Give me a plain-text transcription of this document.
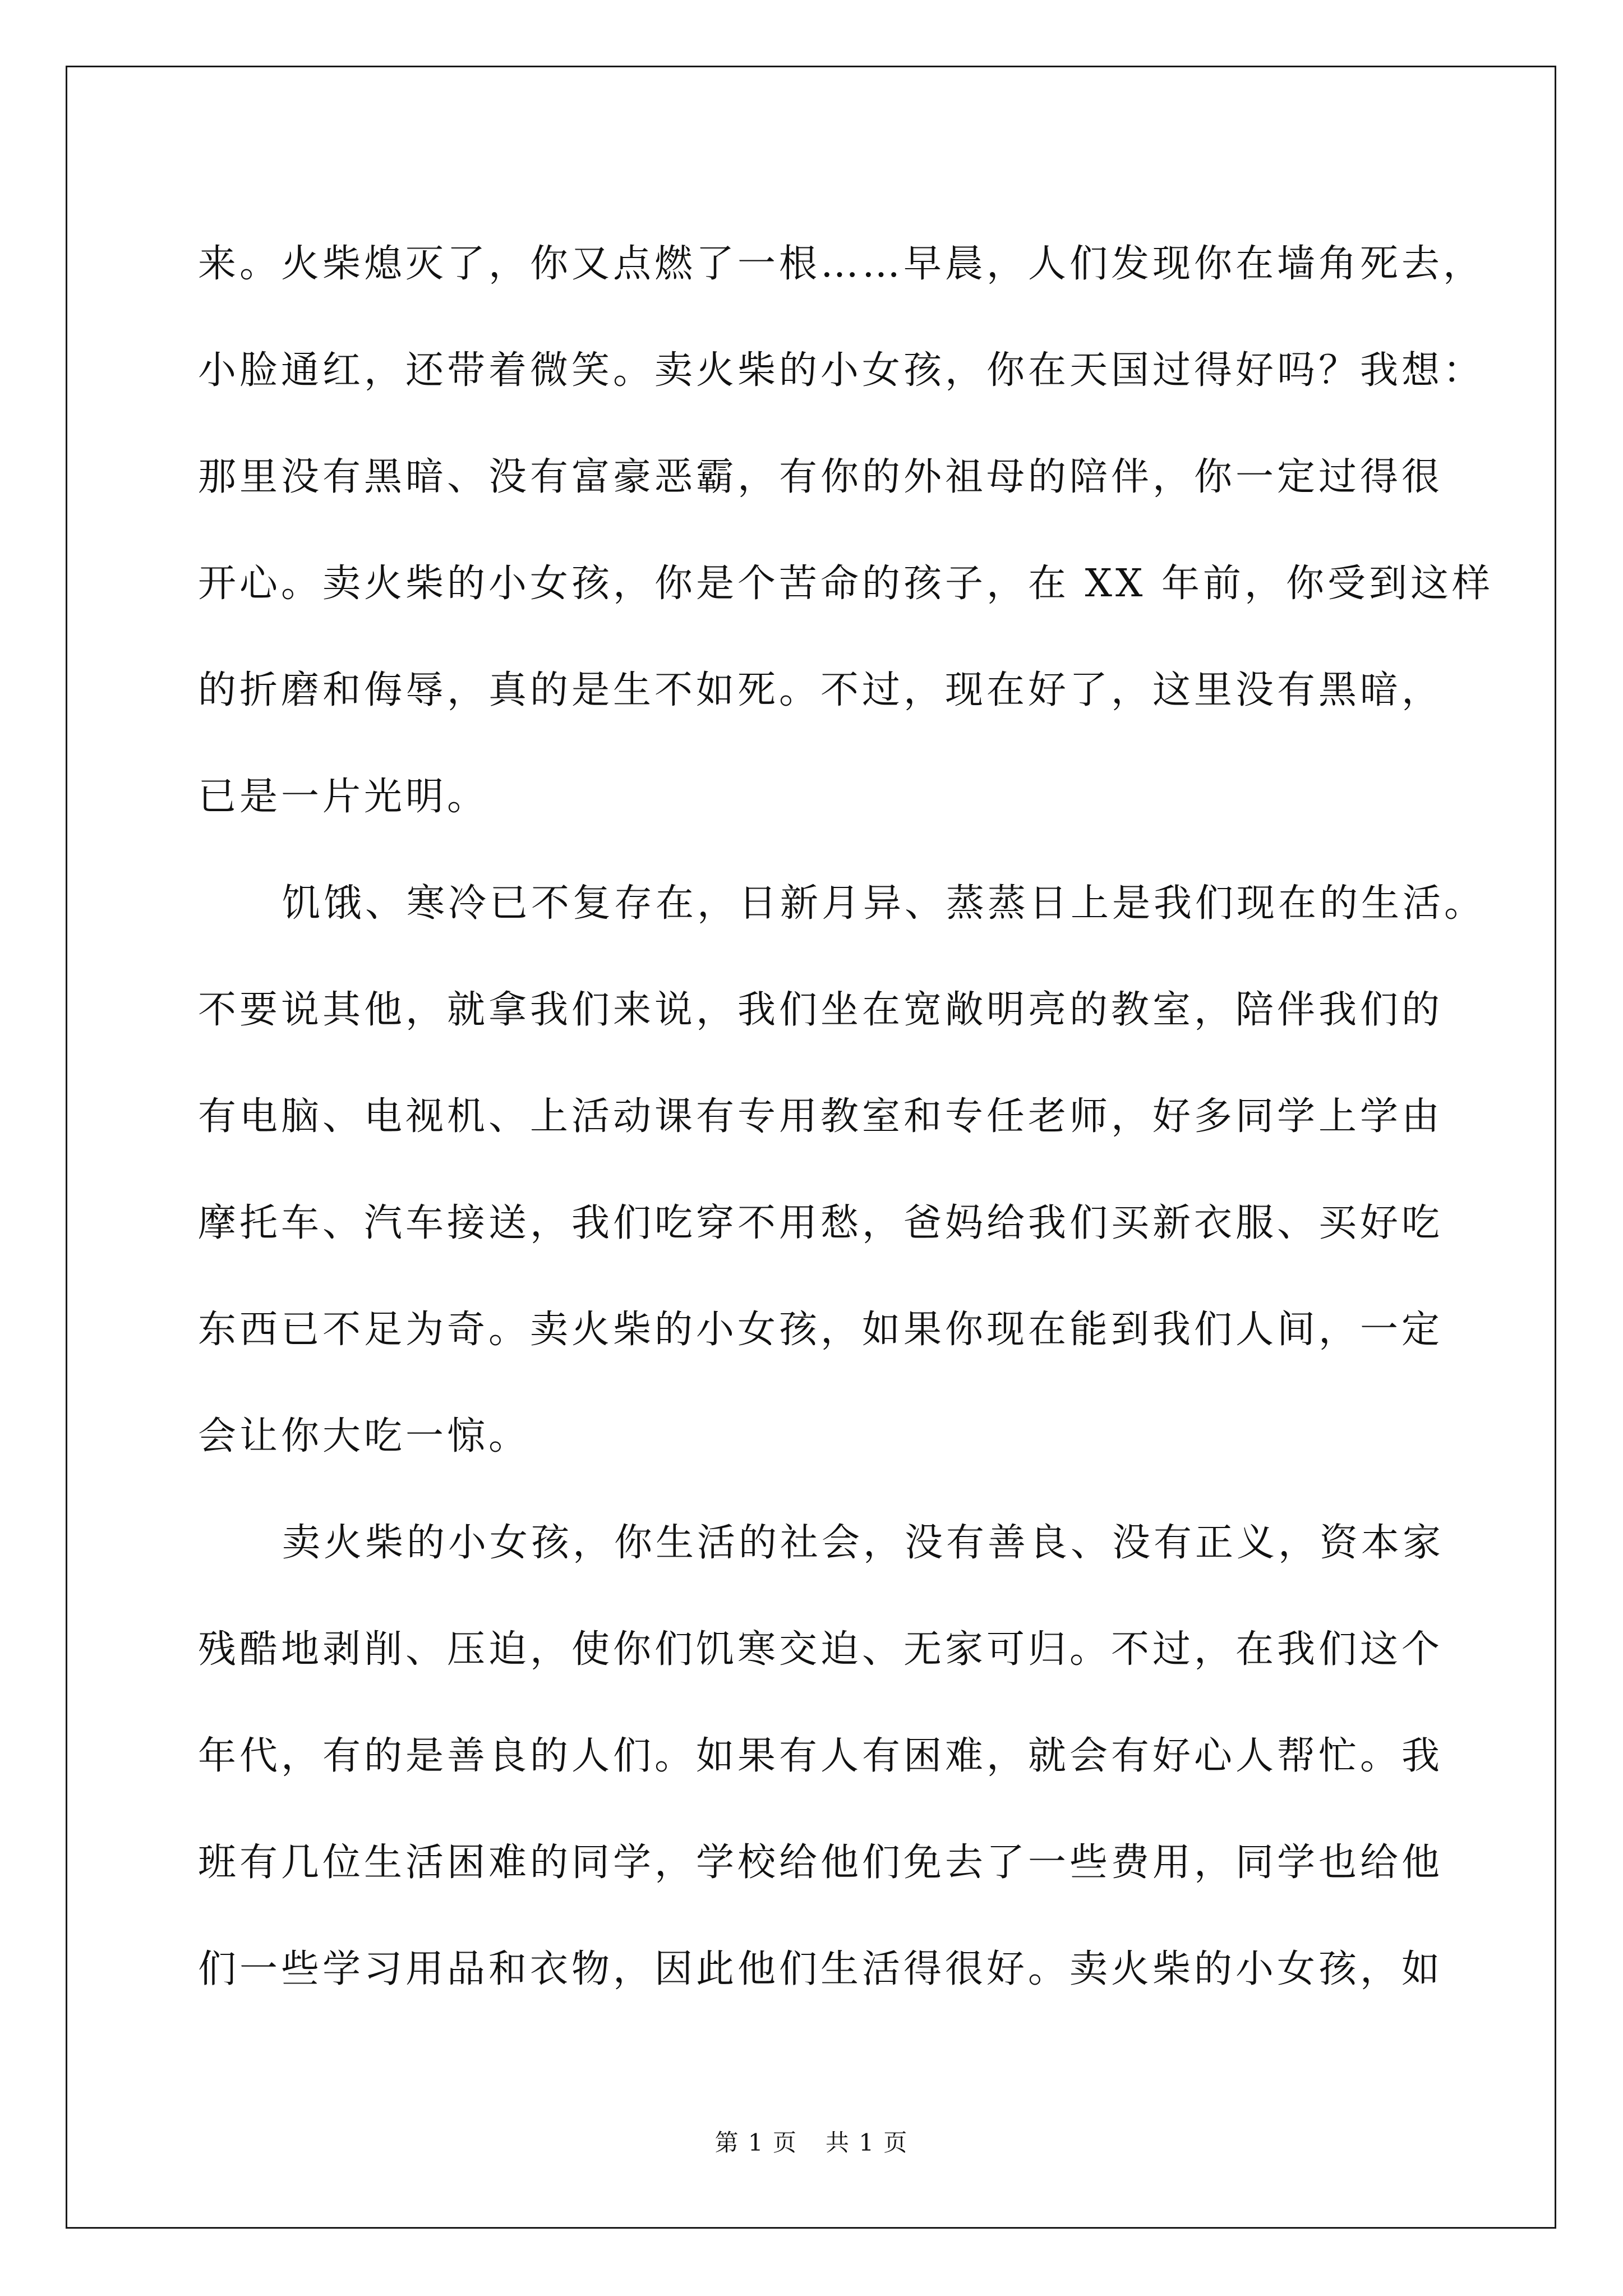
来。火柴熄灭了，你又点燃了一根……早晨，人们发现你在墙角死去，
小脸通红，还带着微笑。卖火柴的小女孩，你在天国过得好吗？我想：
那里没有黑暗、没有富豪恶霸，有你的外祖母的陪伴，你一定过得很
开心。卖火柴的小女孩，你是个苦命的孩子，在 XX 年前，你受到这样
的折磨和侮辱，真的是生不如死。不过，现在好了，这里没有黑暗，
已是一片光明。
饥饿、寒冷已不复存在，日新月异、蒸蒸日上是我们现在的生活。
不要说其他，就拿我们来说，我们坐在宽敞明亮的教室，陪伴我们的
有电脑、电视机、上活动课有专用教室和专任老师，好多同学上学由
摩托车、汽车接送，我们吃穿不用愁，爸妈给我们买新衣服、买好吃
东西已不足为奇。卖火柴的小女孩，如果你现在能到我们人间，一定
会让你大吃一惊。
卖火柴的小女孩，你生活的社会，没有善良、没有正义，资本家
残酷地剥削、压迫，使你们饥寒交迫、无家可归。不过，在我们这个
年代，有的是善良的人们。如果有人有困难，就会有好心人帮忙。我
班有几位生活困难的同学，学校给他们免去了一些费用，同学也给他
们一些学习用品和衣物，因此他们生活得很好。卖火柴的小女孩，如
第 1 页 共 1 页
